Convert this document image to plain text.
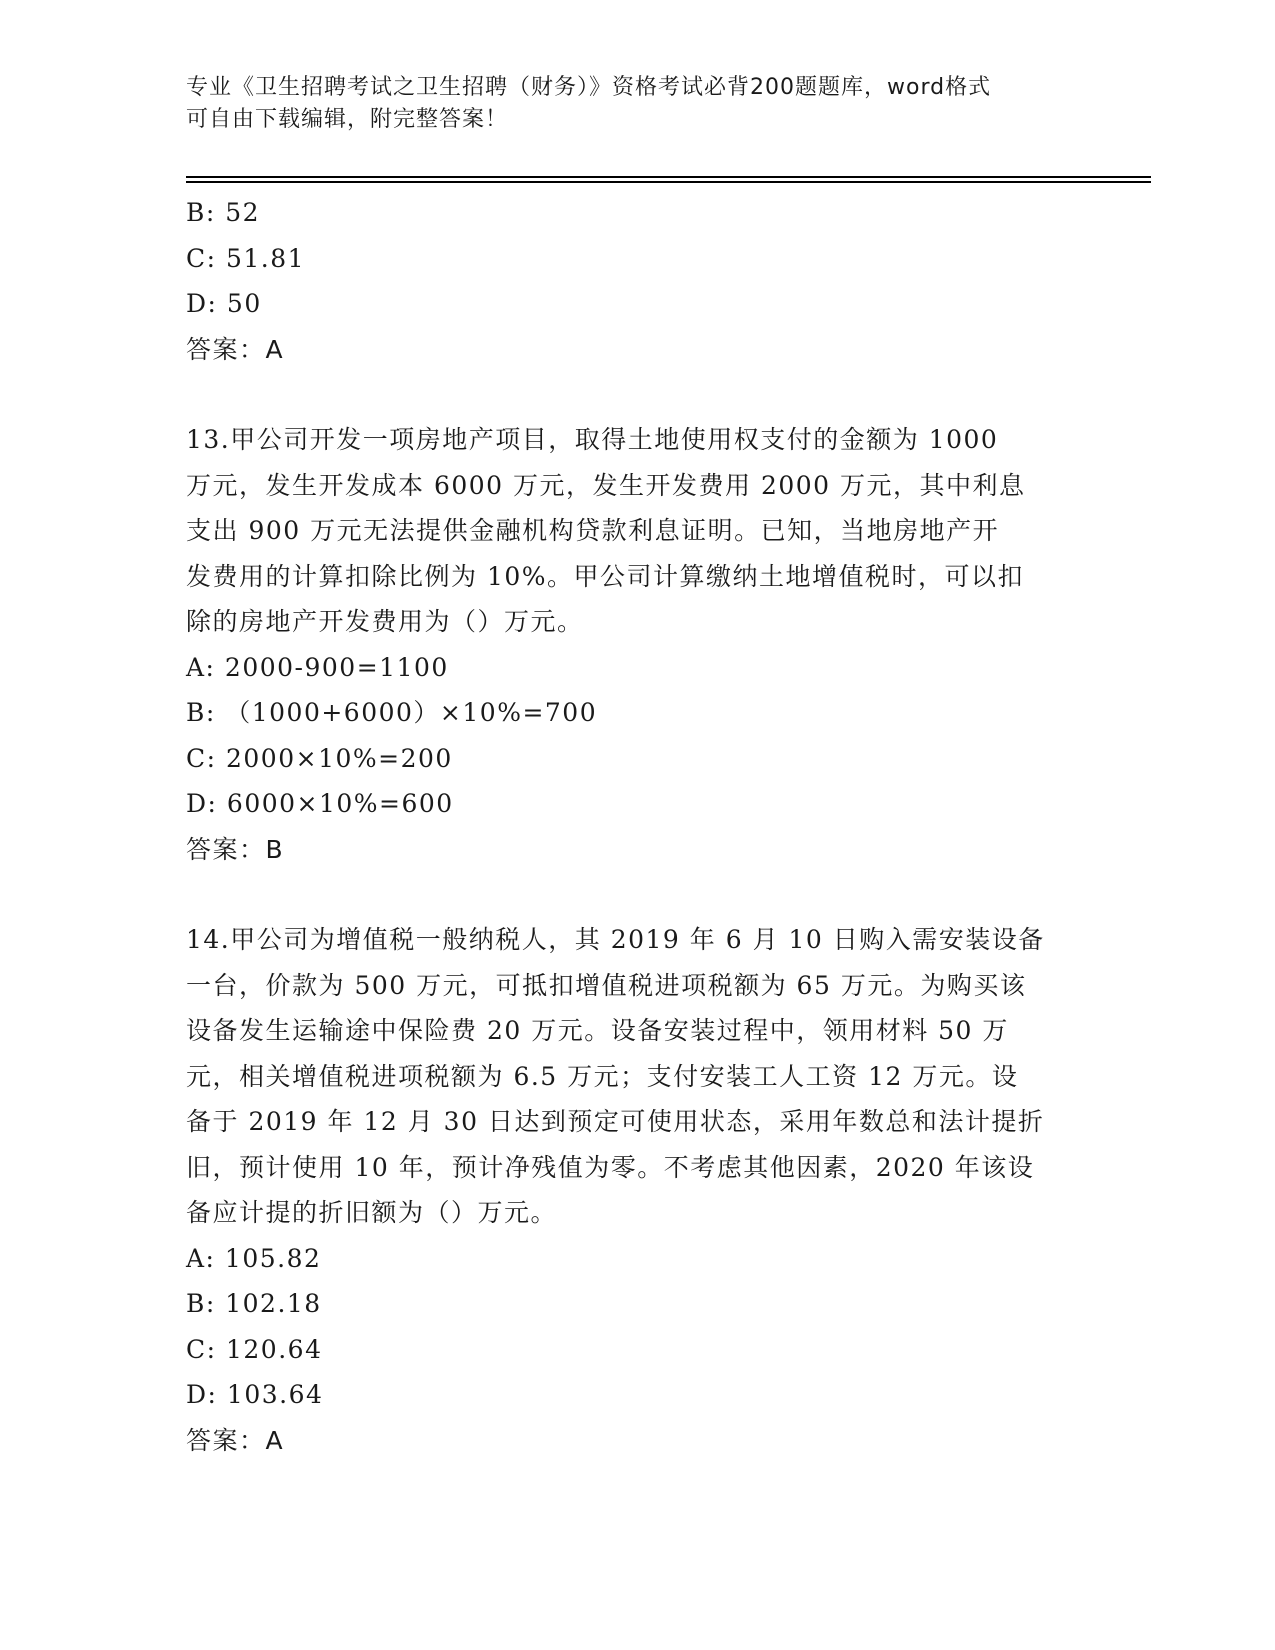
专业《卫生招聘考试之卫生招聘（财务）》资格考试必背200题题库，word格式
可自由下载编辑，附完整答案！
B: 52
C: 51.81
D: 50
答案：A
13.甲公司开发一项房地产项目，取得土地使用权支付的金额为 1000
万元，发生开发成本 6000 万元，发生开发费用 2000 万元，其中利息
支出 900 万元无法提供金融机构贷款利息证明。已知，当地房地产开
发费用的计算扣除比例为 10%。甲公司计算缴纳土地增值税时，可以扣
除的房地产开发费用为（）万元。
A: 2000-900=1100
B: （1000+6000）×10%=700
C: 2000×10%=200
D: 6000×10%=600
答案：B
14.甲公司为增值税一般纳税人，其 2019 年 6 月 10 日购入需安装设备
一台，价款为 500 万元，可抵扣增值税进项税额为 65 万元。为购买该
设备发生运输途中保险费 20 万元。设备安装过程中，领用材料 50 万
元，相关增值税进项税额为 6.5 万元；支付安装工人工资 12 万元。设
备于 2019 年 12 月 30 日达到预定可使用状态，采用年数总和法计提折
旧，预计使用 10 年，预计净残值为零。不考虑其他因素，2020 年该设
备应计提的折旧额为（）万元。
A: 105.82
B: 102.18
C: 120.64
D: 103.64
答案：A
